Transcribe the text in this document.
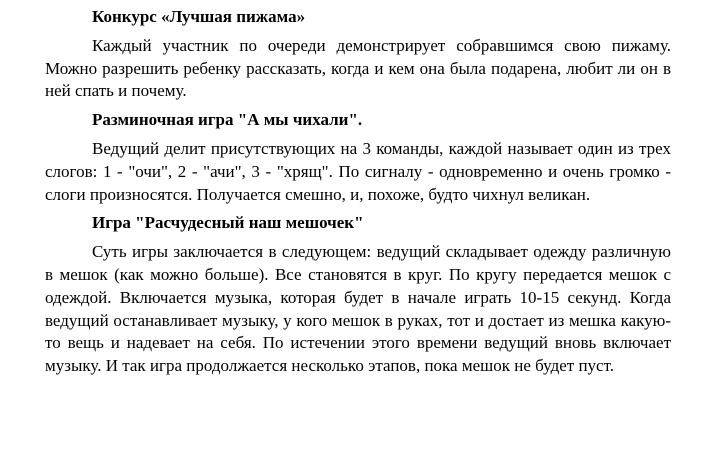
Конкурс «Лучшая пижама»

Каждый участник по очереди демонстрирует собравшимся свою пижаму. Можно разрешить ребенку рассказать, когда и кем она была подарена, любит ли он в ней спать и почему.

Разминочная игра "А мы чихали".

Ведущий делит присутствующих на 3 команды, каждой называет один из трех слогов: 1 - "очи", 2 - "ачи", 3 - "хрящ". По сигналу - одновременно и очень громко - слоги произносятся. Получается смешно, и, похоже, будто чихнул великан.

Игра "Расчудесный наш мешочек"

Суть игры заключается в следующем: ведущий складывает одежду различную в мешок (как можно больше). Все становятся в круг. По кругу передается мешок с одеждой. Включается музыка, которая будет в начале играть 10-15 секунд. Когда ведущий останавливает музыку, у кого мешок в руках, тот и достает из мешка какую-то вещь и надевает на себя. По истечении этого времени ведущий вновь включает музыку. И так игра продолжается несколько этапов, пока мешок не будет пуст.
